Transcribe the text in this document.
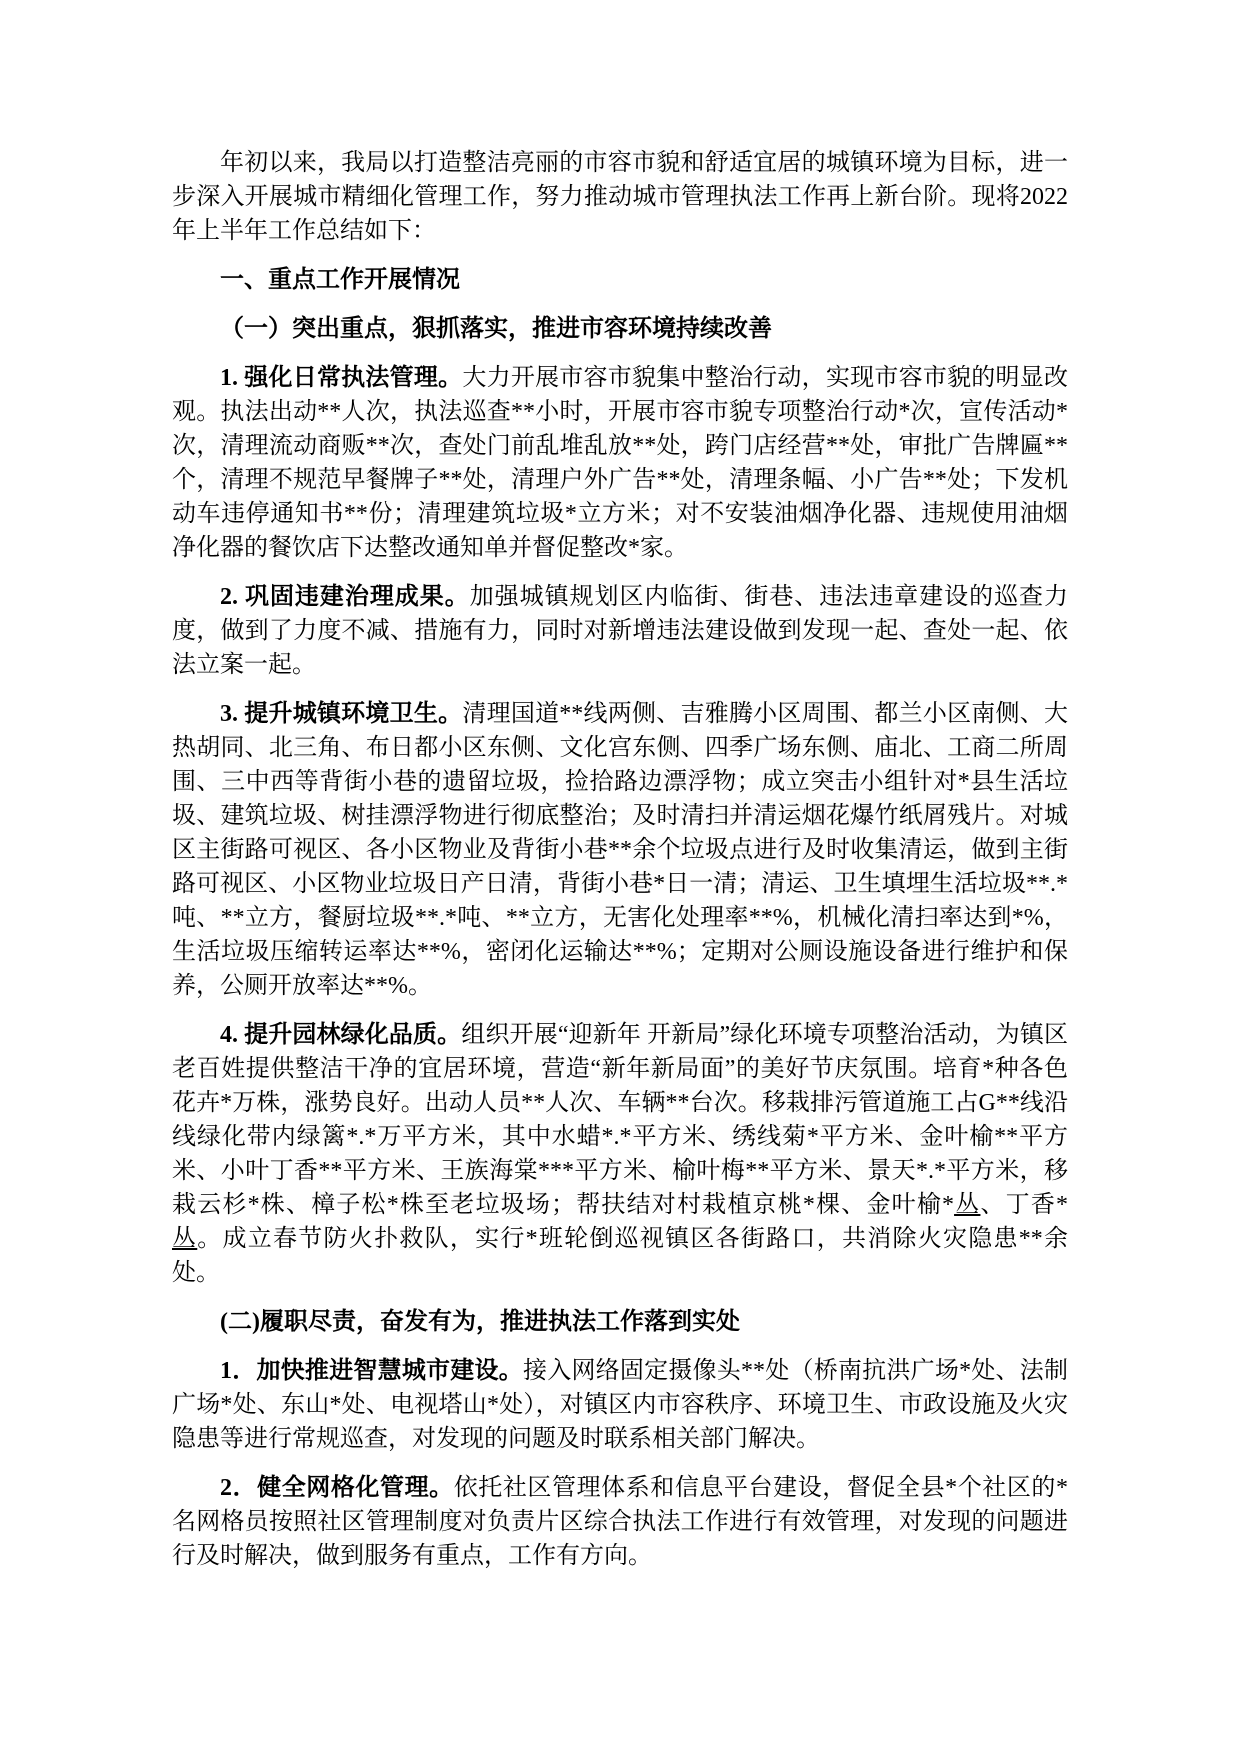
年初以来，我局以打造整洁亮丽的市容市貌和舒适宜居的城镇环境为目标，进一步深入开展城市精细化管理工作，努力推动城市管理执法工作再上新台阶。现将2022年上半年工作总结如下：

一、重点工作开展情况

（一）突出重点，狠抓落实，推进市容环境持续改善

1. 强化日常执法管理。大力开展市容市貌集中整治行动，实现市容市貌的明显改观。执法出动**人次，执法巡查**小时，开展市容市貌专项整治行动*次，宣传活动*次，清理流动商贩**次，查处门前乱堆乱放**处，跨门店经营**处，审批广告牌匾**个，清理不规范早餐牌子**处，清理户外广告**处，清理条幅、小广告**处；下发机动车违停通知书**份；清理建筑垃圾*立方米；对不安装油烟净化器、违规使用油烟净化器的餐饮店下达整改通知单并督促整改*家。

2. 巩固违建治理成果。加强城镇规划区内临街、街巷、违法违章建设的巡查力度，做到了力度不减、措施有力，同时对新增违法建设做到发现一起、查处一起、依法立案一起。

3. 提升城镇环境卫生。清理国道**线两侧、吉雅腾小区周围、都兰小区南侧、大热胡同、北三角、布日都小区东侧、文化宫东侧、四季广场东侧、庙北、工商二所周围、三中西等背街小巷的遗留垃圾，捡拾路边漂浮物；成立突击小组针对*县生活垃圾、建筑垃圾、树挂漂浮物进行彻底整治；及时清扫并清运烟花爆竹纸屑残片。对城区主街路可视区、各小区物业及背街小巷**余个垃圾点进行及时收集清运，做到主街路可视区、小区物业垃圾日产日清，背街小巷*日一清；清运、卫生填埋生活垃圾**.*吨、**立方，餐厨垃圾**.*吨、**立方，无害化处理率**%，机械化清扫率达到*%，生活垃圾压缩转运率达**%，密闭化运输达**%；定期对公厕设施设备进行维护和保养，公厕开放率达**%。

4. 提升园林绿化品质。组织开展“迎新年 开新局”绿化环境专项整治活动，为镇区老百姓提供整洁干净的宜居环境，营造“新年新局面”的美好节庆氛围。培育*种各色花卉*万株，涨势良好。出动人员**人次、车辆**台次。移栽排污管道施工占G**线沿线绿化带内绿篱*.*万平方米，其中水蜡*.*平方米、绣线菊*平方米、金叶榆**平方米、小叶丁香**平方米、王族海棠***平方米、榆叶梅**平方米、景天*.*平方米，移栽云杉*株、樟子松*株至老垃圾场；帮扶结对村栽植京桃*棵、金叶榆*丛、丁香*丛。成立春节防火扑救队，实行*班轮倒巡视镇区各街路口，共消除火灾隐患**余处。

(二)履职尽责，奋发有为，推进执法工作落到实处

1．加快推进智慧城市建设。接入网络固定摄像头**处（桥南抗洪广场*处、法制广场*处、东山*处、电视塔山*处），对镇区内市容秩序、环境卫生、市政设施及火灾隐患等进行常规巡查，对发现的问题及时联系相关部门解决。

2．健全网格化管理。依托社区管理体系和信息平台建设，督促全县*个社区的*名网格员按照社区管理制度对负责片区综合执法工作进行有效管理，对发现的问题进行及时解决，做到服务有重点，工作有方向。
